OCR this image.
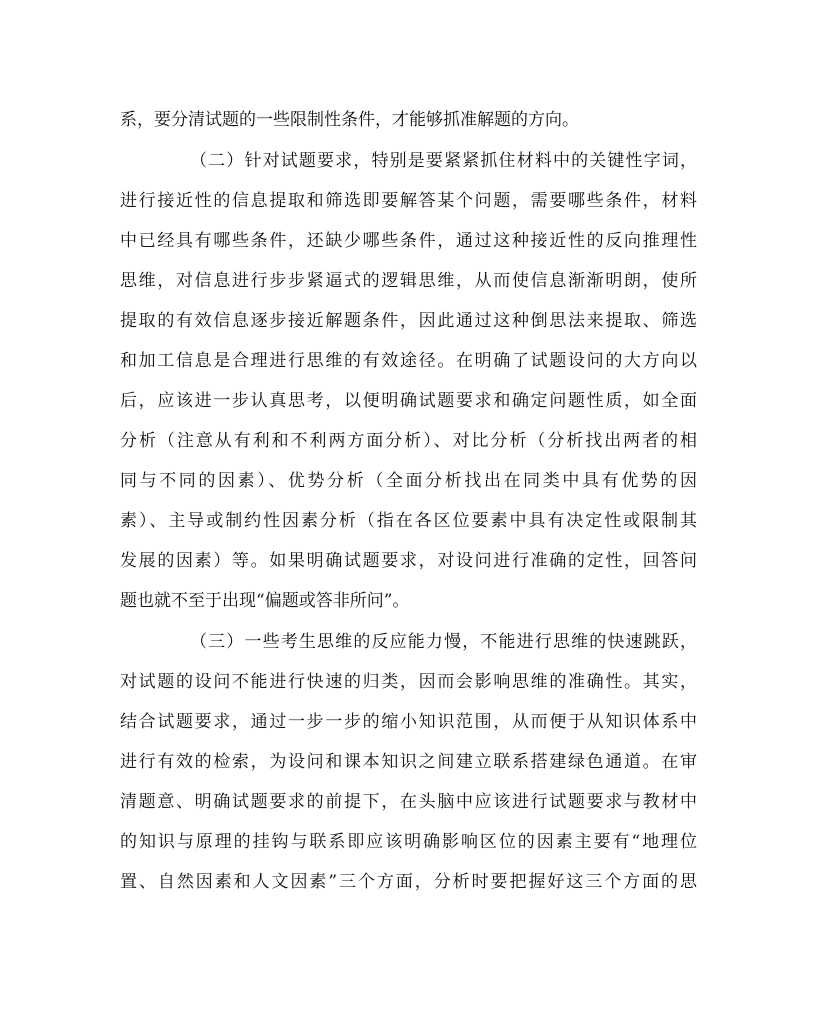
系，要分清试题的一些限制性条件，才能够抓准解题的方向。
（二）针对试题要求，特别是要紧紧抓住材料中的关键性字词，
进行接近性的信息提取和筛选即要解答某个问题，需要哪些条件，材料
中已经具有哪些条件，还缺少哪些条件，通过这种接近性的反向推理性
思维，对信息进行步步紧逼式的逻辑思维，从而使信息渐渐明朗，使所
提取的有效信息逐步接近解题条件，因此通过这种倒思法来提取、筛选
和加工信息是合理进行思维的有效途径。在明确了试题设问的大方向以
后，应该进一步认真思考，以便明确试题要求和确定问题性质，如全面
分析（注意从有利和不利两方面分析）、对比分析（分析找出两者的相
同与不同的因素）、优势分析（全面分析找出在同类中具有优势的因
素）、主导或制约性因素分析（指在各区位要素中具有决定性或限制其
发展的因素）等。如果明确试题要求，对设问进行准确的定性，回答问
题也就不至于出现“偏题或答非所问”。
（三）一些考生思维的反应能力慢，不能进行思维的快速跳跃，
对试题的设问不能进行快速的归类，因而会影响思维的准确性。其实，
结合试题要求，通过一步一步的缩小知识范围，从而便于从知识体系中
进行有效的检索，为设问和课本知识之间建立联系搭建绿色通道。在审
清题意、明确试题要求的前提下，在头脑中应该进行试题要求与教材中
的知识与原理的挂钩与联系即应该明确影响区位的因素主要有“地理位
置、自然因素和人文因素”三个方面，分析时要把握好这三个方面的思
